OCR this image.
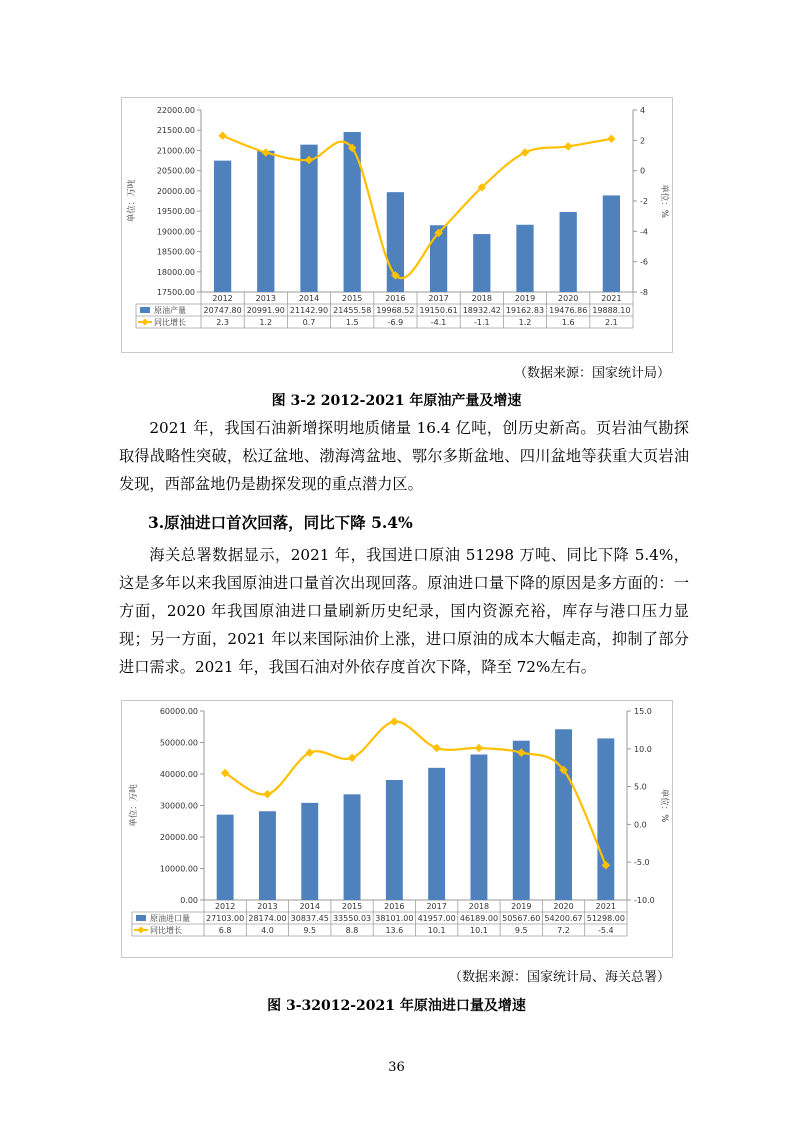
17500.00
18000.00
18500.00
19000.00
19500.00
20000.00
20500.00
21000.00
21500.00
22000.00
-8
-6
-4
-2
0
2
4
单位：万吨	单位：%
2012
20747.80
2.3
2013
20991.90
1.2
2014
21142.90
0.7
2015
21455.58
1.5
2016
19968.52
-6.9
2017
19150.61
-4.1
2018
18932.42
-1.1
2019
19162.83
1.2
2020
19476.86
1.6
2021
19888.10
2.1
原油产量
同比增长
（数据来源：国家统计局）
图 3-2 2012-2021 年原油产量及增速
2021 年，我国石油新增探明地质储量 16.4 亿吨，创历史新高。页岩油气勘探取得战略性突破，松辽盆地、渤海湾盆地、鄂尔多斯盆地、四川盆地等获重大页岩油发现，西部盆地仍是勘探发现的重点潜力区。
3.原油进口首次回落，同比下降 5.4%
海关总署数据显示，2021 年，我国进口原油 51298 万吨、同比下降 5.4%，这是多年以来我国原油进口量首次出现回落。原油进口量下降的原因是多方面的：一方面，2020 年我国原油进口量刷新历史纪录，国内资源充裕，库存与港口压力显现；另一方面，2021 年以来国际油价上涨，进口原油的成本大幅走高，抑制了部分进口需求。2021 年，我国石油对外依存度首次下降，降至 72%左右。
0.00
10000.00
20000.00
30000.00
40000.00
50000.00
60000.00
-10.0
-5.0
0.0
5.0
10.0
15.0
单位：万吨	单位：%
2012
27103.00
6.8
2013
28174.00
4.0
2014
30837.45
9.5
2015
33550.03
8.8
2016
38101.00
13.6
2017
41957.00
10.1
2018
46189.00
10.1
2019
50567.60
9.5
2020
54200.67
7.2
2021
51298.00
-5.4
原油进口量
同比增长
（数据来源：国家统计局、海关总署）
图 3-32012-2021 年原油进口量及增速
36
